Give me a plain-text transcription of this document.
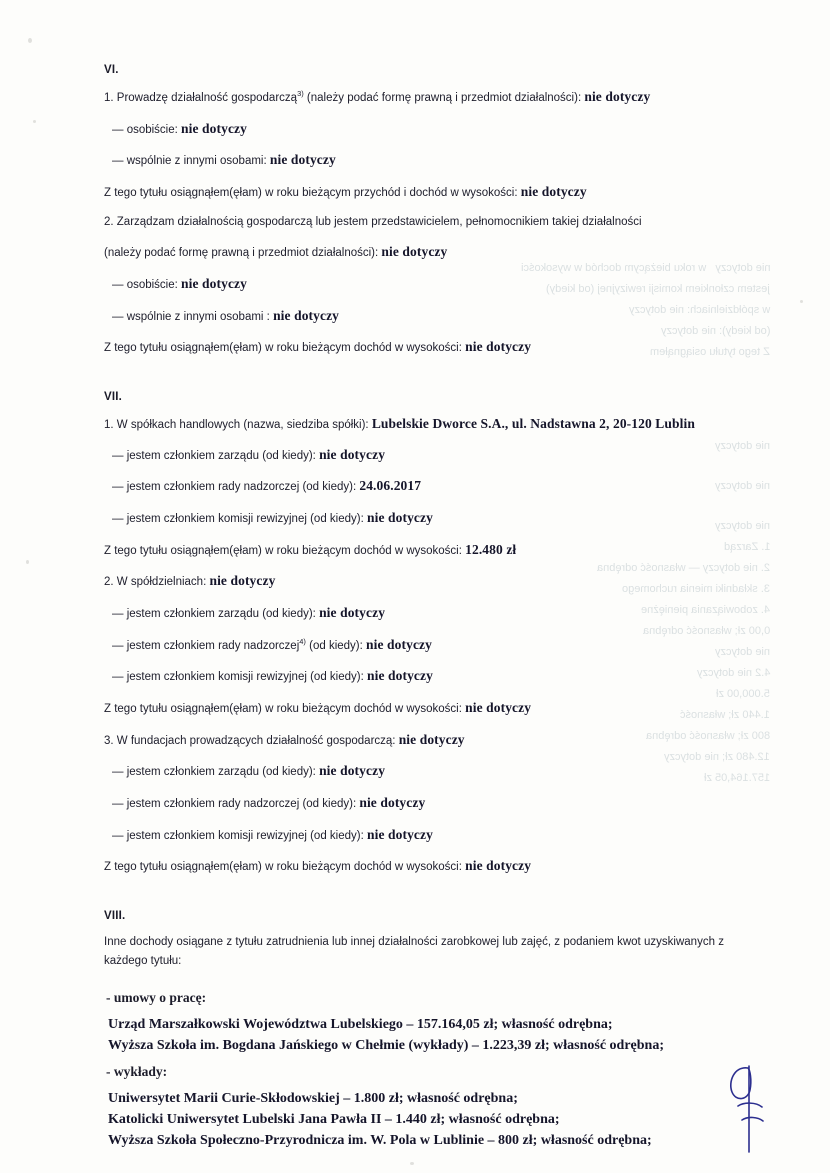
nie dotyczy   w roku bieżącym dochód w wysokości
jestem członkiem komisji rewizyjnej (od kiedy)
w spółdzielniach: nie dotyczy
(od kiedy): nie dotyczy
Z tego tytułu osiągnąłem
nie dotyczy
nie dotyczy
nie dotyczy
1. Zarząd
2. nie dotyczy — własność odrębna
3. składniki mienia ruchomego
4. zobowiązania pieniężne
0,00 zł; własność odrębna
nie dotyczy
4.2 nie dotyczy
5.000,00 zł
1.440 zł; własność
800 zł; własność odrębna
12.480 zł; nie dotyczy
157.164,05 zł
VI.

1. Prowadzę działalność gospodarczą$^{3)}$ (należy podać formę prawną i przedmiot działalności): nie dotyczy

— osobiście: nie dotyczy

— wspólnie z innymi osobami: nie dotyczy

Z tego tytułu osiągnąłem(ęłam) w roku bieżącym przychód i dochód w wysokości: nie dotyczy

2. Zarządzam działalnością gospodarczą lub jestem przedstawicielem, pełnomocnikiem takiej działalności

(należy podać formę prawną i przedmiot działalności): nie dotyczy

— osobiście: nie dotyczy

— wspólnie z innymi osobami : nie dotyczy

Z tego tytułu osiągnąłem(ęłam) w roku bieżącym dochód w wysokości: nie dotyczy

VII.

1. W spółkach handlowych (nazwa, siedziba spółki): Lubelskie Dworce S.A., ul. Nadstawna 2, 20-120 Lublin

— jestem członkiem zarządu (od kiedy): nie dotyczy

— jestem członkiem rady nadzorczej (od kiedy): 24.06.2017

— jestem członkiem komisji rewizyjnej (od kiedy): nie dotyczy

Z tego tytułu osiągnąłem(ęłam) w roku bieżącym dochód w wysokości: 12.480 zł

2. W spółdzielniach: nie dotyczy

— jestem członkiem zarządu (od kiedy): nie dotyczy

— jestem członkiem rady nadzorczej$^{4)}$ (od kiedy): nie dotyczy

— jestem członkiem komisji rewizyjnej (od kiedy): nie dotyczy

Z tego tytułu osiągnąłem(ęłam) w roku bieżącym dochód w wysokości: nie dotyczy

3. W fundacjach prowadzących działalność gospodarczą: nie dotyczy

— jestem członkiem zarządu (od kiedy): nie dotyczy

— jestem członkiem rady nadzorczej (od kiedy): nie dotyczy

— jestem członkiem komisji rewizyjnej (od kiedy): nie dotyczy

Z tego tytułu osiągnąłem(ęłam) w roku bieżącym dochód w wysokości: nie dotyczy

VIII.

Inne dochody osiągane z tytułu zatrudnienia lub innej działalności zarobkowej lub zajęć, z podaniem kwot uzyskiwanych z każdego tytułu:

- umowy o pracę:

Urząd Marszałkowski Województwa Lubelskiego – 157.164,05 zł; własność odrębna;
Wyższa Szkoła im. Bogdana Jańskiego w Chełmie (wykłady) – 1.223,39 zł; własność odrębna;

- wykłady:

Uniwersytet Marii Curie-Skłodowskiej – 1.800 zł; własność odrębna;
Katolicki Uniwersytet Lubelski Jana Pawła II – 1.440 zł; własność odrębna;
Wyższa Szkoła Społeczno-Przyrodnicza im. W. Pola w Lublinie – 800 zł; własność odrębna;
